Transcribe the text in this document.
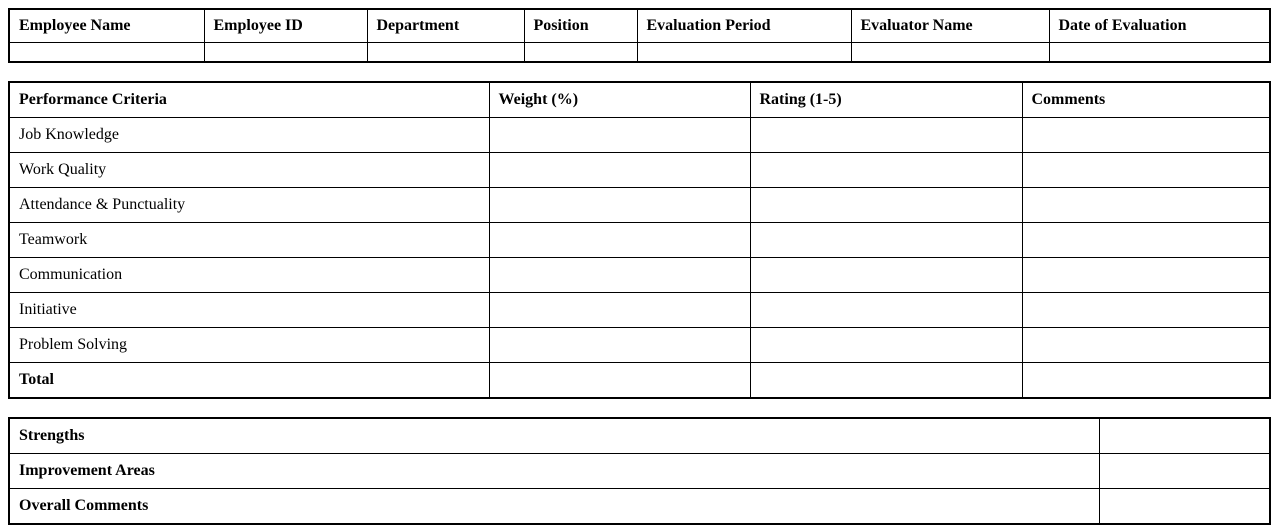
Employee Name	Employee ID	Department	Position	Evaluation Period	Evaluator Name	Date of Evaluation

Performance Criteria	Weight (%)	Rating (1-5)	Comments
Job Knowledge			
Work Quality			
Attendance & Punctuality			
Teamwork			
Communication			
Initiative			
Problem Solving			
Total			
Strengths	
Improvement Areas	
Overall Comments	
